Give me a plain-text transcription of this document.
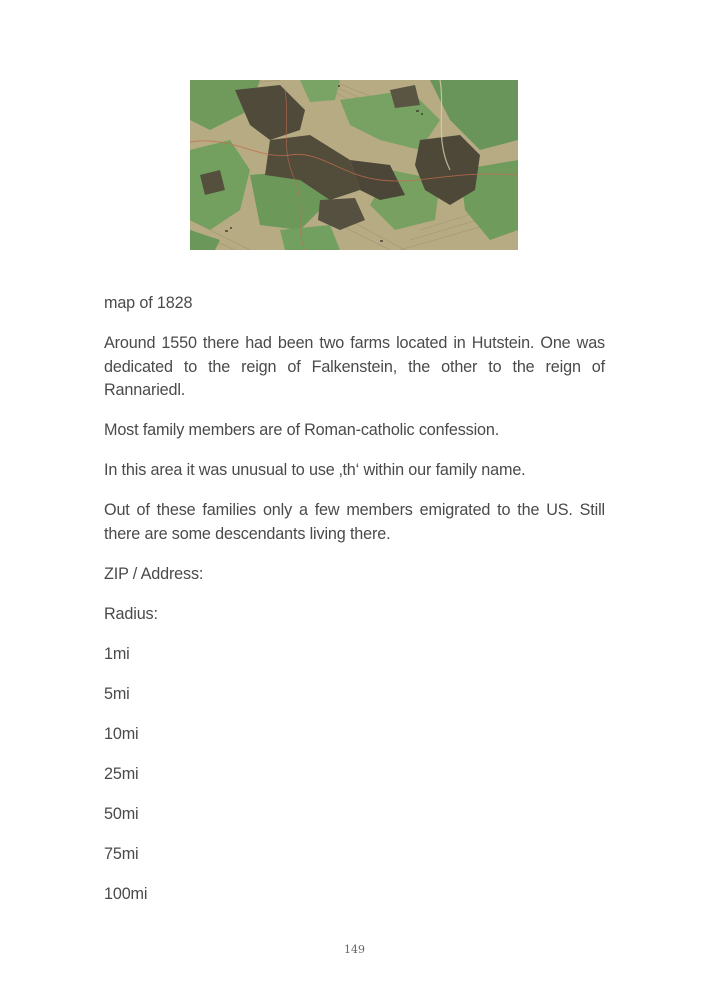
map of 1828

Around 1550 there had been two farms located in Hutstein. One was dedicated to the reign of Falkenstein, the other to the reign of Rannariedl.

Most family members are of Roman-catholic confession.

In this area it was unusual to use ‚th‘ within our family name.

Out of these families only a few members emigrated to the US. Still there are some descendants living there.

ZIP / Address:

Radius:

1mi

5mi

10mi

25mi

50mi

75mi

100mi

149
